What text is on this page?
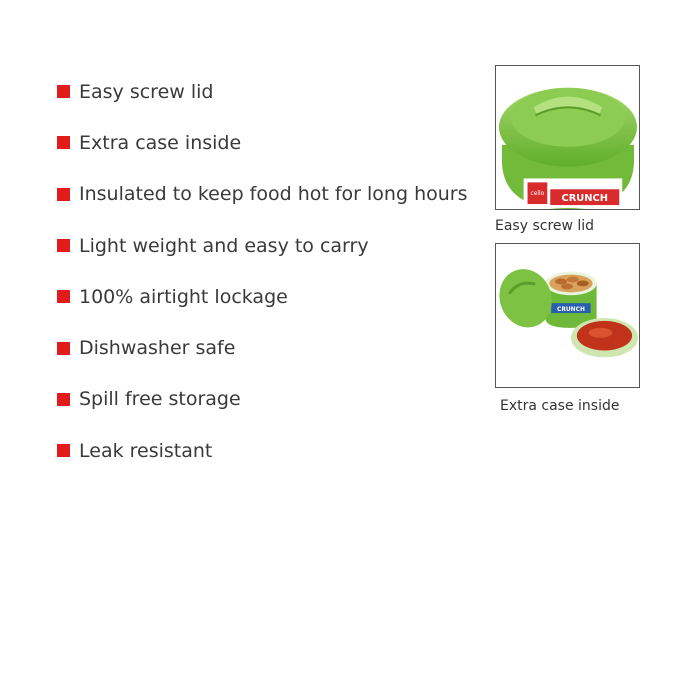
Easy screw lid
Extra case inside
Insulated to keep food hot for long hours
Light weight and easy to carry
100% airtight lockage
Dishwasher safe
Spill free storage
Leak resistant
cello CRUNCH
Easy screw lid
CRUNCH
Extra case inside
